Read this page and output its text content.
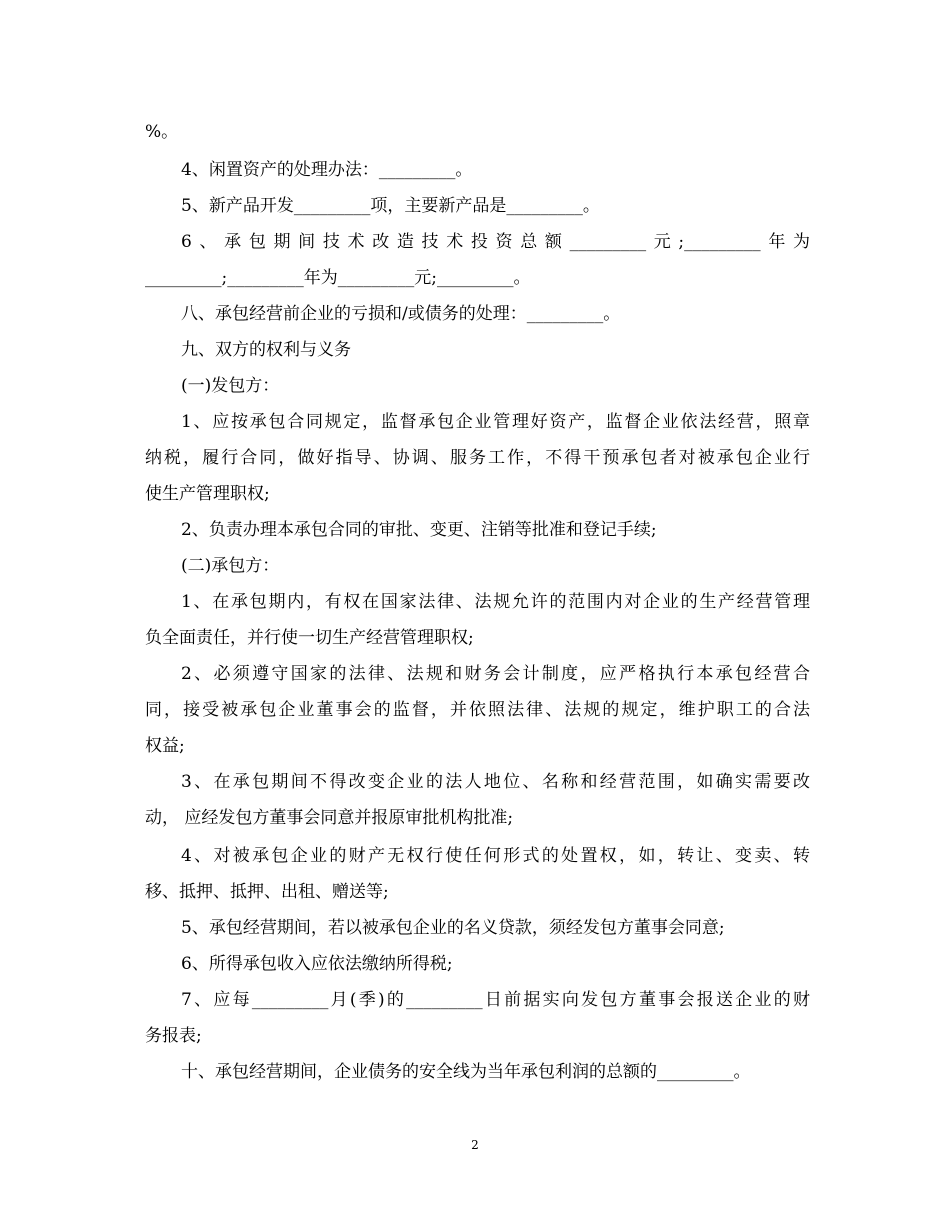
%。
4、闲置资产的处理办法：_________。
5、新产品开发_________项，主要新产品是_________。
6、承包期间技术改造技术投资总额_________元;_________年为
_________;_________年为_________元;_________。
八、承包经营前企业的亏损和/或债务的处理：_________。
九、双方的权利与义务
(一)发包方：
1、应按承包合同规定，监督承包企业管理好资产，监督企业依法经营，照章
纳税，履行合同，做好指导、协调、服务工作，不得干预承包者对被承包企业行
使生产管理职权;
2、负责办理本承包合同的审批、变更、注销等批准和登记手续;
(二)承包方：
1、在承包期内，有权在国家法律、法规允许的范围内对企业的生产经营管理
负全面责任，并行使一切生产经营管理职权;
2、必须遵守国家的法律、法规和财务会计制度，应严格执行本承包经营合
同，接受被承包企业董事会的监督，并依照法律、法规的规定，维护职工的合法
权益;
3、在承包期间不得改变企业的法人地位、名称和经营范围，如确实需要改
动， 应经发包方董事会同意并报原审批机构批准;
4、对被承包企业的财产无权行使任何形式的处置权，如，转让、变卖、转
移、抵押、抵押、出租、赠送等;
5、承包经营期间，若以被承包企业的名义贷款，须经发包方董事会同意;
6、所得承包收入应依法缴纳所得税;
7、应每_________月(季)的_________日前据实向发包方董事会报送企业的财
务报表;
十、承包经营期间，企业债务的安全线为当年承包利润的总额的_________。
2
